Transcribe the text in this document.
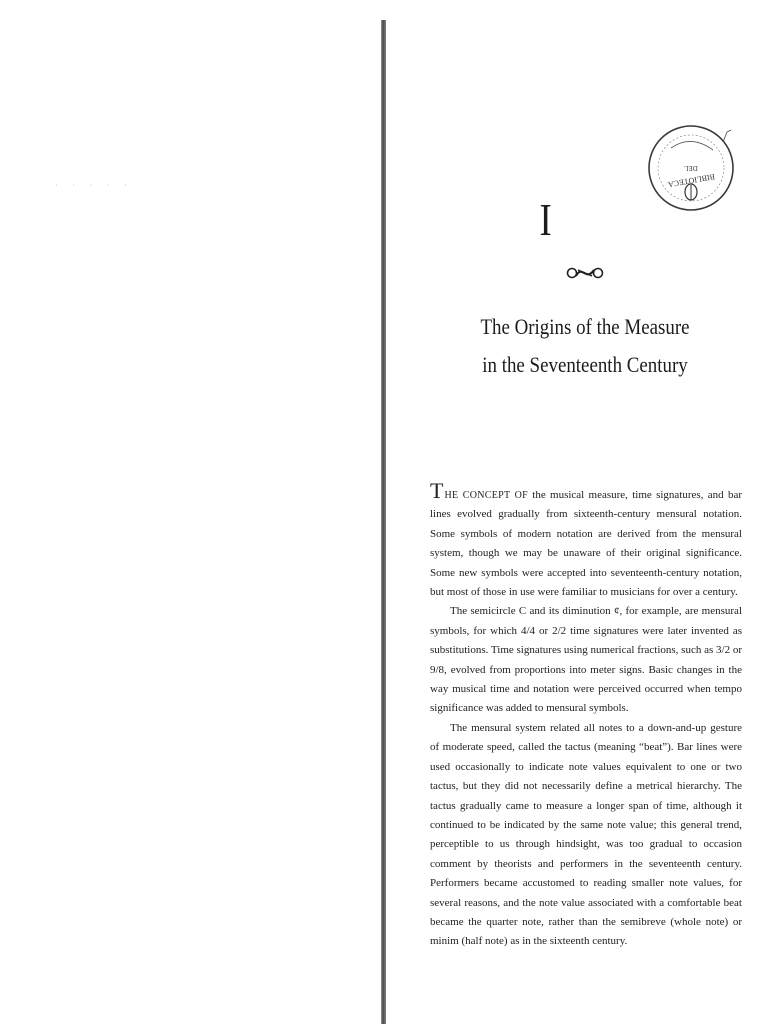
· · · · ·
DEL
BIBLIOTECA
I
The Origins of the Measure
in the Seventeenth Century

THE CONCEPT OF the musical measure, time signatures, and bar lines evolved gradually from sixteenth-century mensural notation. Some symbols of modern notation are derived from the mensural system, though we may be unaware of their original significance. Some new symbols were accepted into seventeenth-century notation, but most of those in use were familiar to musicians for over a century.

The semicircle C and its diminution ¢, for example, are mensural symbols, for which 4/4 or 2/2 time signatures were later invented as substitutions. Time signatures using numerical fractions, such as 3/2 or 9/8, evolved from proportions into meter signs. Basic changes in the way musical time and notation were perceived occurred when tempo significance was added to mensural symbols.

The mensural system related all notes to a down-and-up gesture of moderate speed, called the tactus (meaning “beat”). Bar lines were used occasionally to indicate note values equivalent to one or two tactus, but they did not necessarily define a metrical hierarchy. The tactus gradually came to measure a longer span of time, although it continued to be indicated by the same note value; this general trend, perceptible to us through hindsight, was too gradual to occasion comment by theorists and performers in the seventeenth century. Performers became accustomed to reading smaller note values, for several reasons, and the note value associated with a comfortable beat became the quarter note, rather than the semibreve (whole note) or minim (half note) as in the sixteenth century.
